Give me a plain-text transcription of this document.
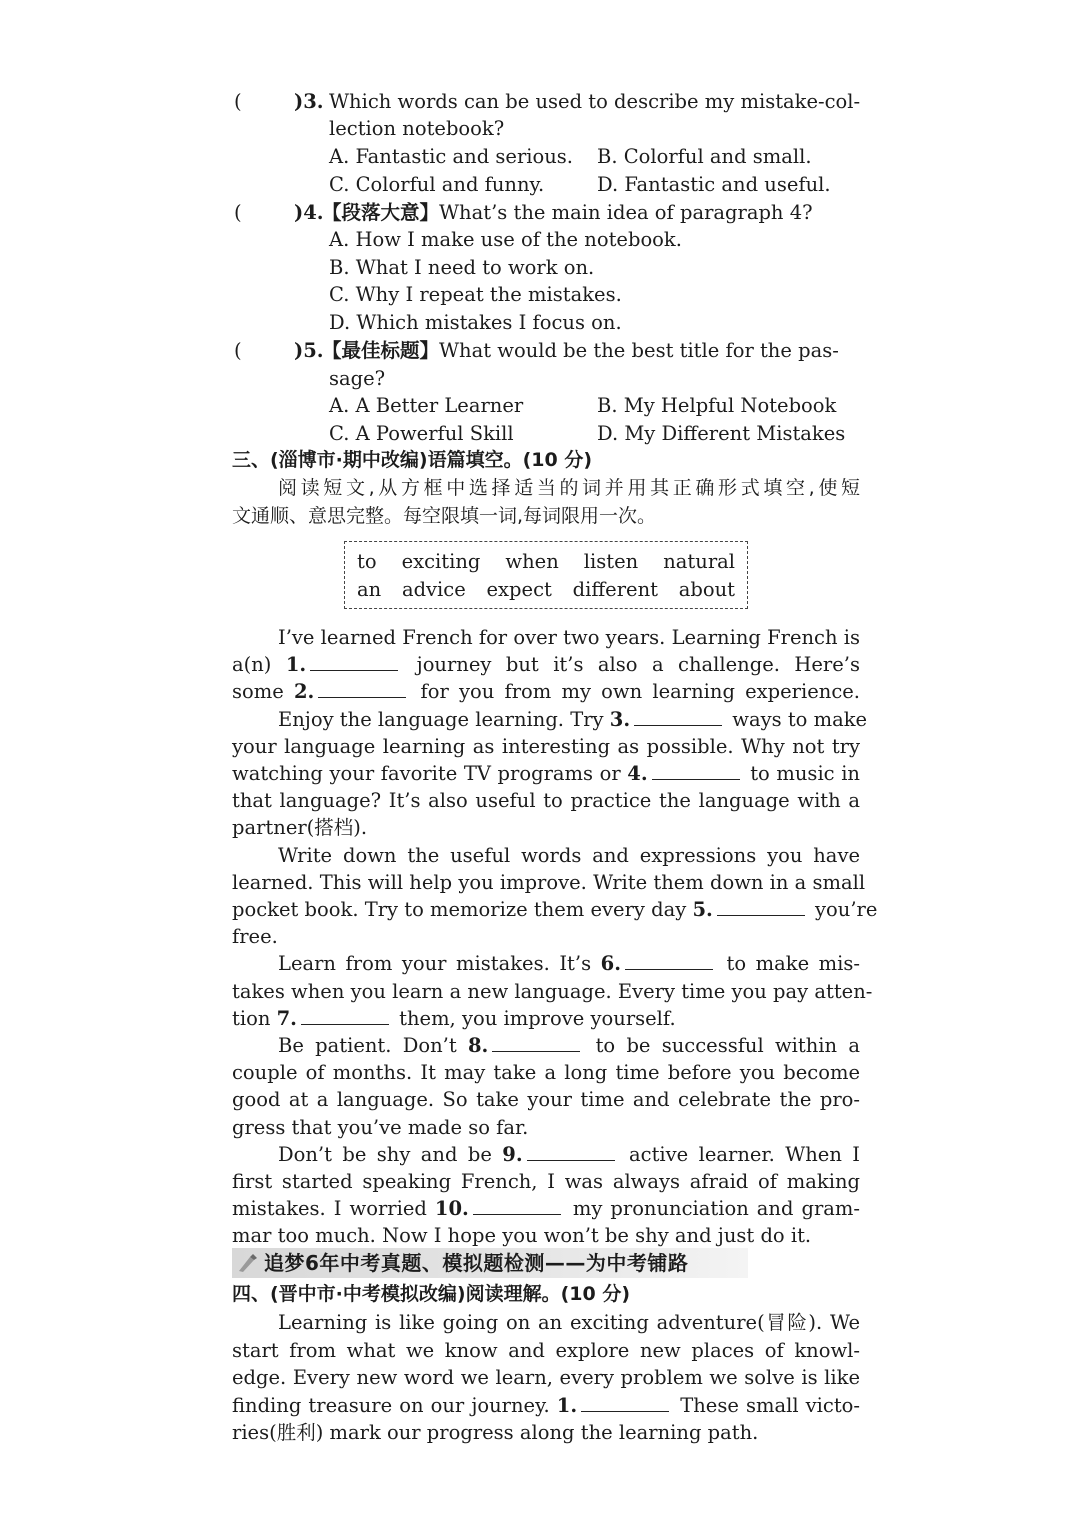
(	)3. Which words can be used to describe my mistake-col-
lection notebook?
A. Fantastic and serious. B. Colorful and small.
C. Colorful and funny.	D. Fantastic and useful.
(	)4.
【段落大意】What’s the main idea of paragraph 4?
A. How I make use of the notebook.
B. What I need to work on.
C. Why I repeat the mistakes.
D. Which mistakes I focus on.
(	)5.
【最佳标题】What would be the best title for the pas-
sage?
A. A Better Learner	B. My Helpful Notebook
C. A Powerful Skill	D. My Different Mistakes
三、(淄博市·期中改编)语篇填空。(10 分)
阅读短文,从方框中选择适当的词并用其正确形式填空,使短
文通顺、意思完整。每空限填一词,每词限用一次。
to exciting when listen natural
an advice expect different about
I’ve learned French for over two years. Learning French is
a(n) 1.	journey but it’s also a challenge. Here’s
some 2.	for you from my own learning experience.
Enjoy the language learning. Try 3.	ways to make
your language learning as interesting as possible. Why not try
watching your favorite TV programs or 4.	to music in
that language? It’s also useful to practice the language with a
partner(搭档).
Write down the useful words and expressions you have
learned. This will help you improve. Write them down in a small
pocket book. Try to memorize them every day 5.	you’re
free.
Learn from your mistakes. It’s 6.	to make mis-
takes when you learn a new language. Every time you pay atten-
tion 7.	them, you improve yourself.
Be patient. Don’t 8.	to be successful within a
couple of months. It may take a long time before you become
good at a language. So take your time and celebrate the pro-
gress that you’ve made so far.
Don’t be shy and be 9.	active learner. When I
first started speaking French, I was always afraid of making
mistakes. I worried 10.	my pronunciation and gram-
mar too much. Now I hope you won’t be shy and just do it.
追梦6年中考真题、模拟题检测——为中考铺路
四、(晋中市·中考模拟改编)阅读理解。(10 分)
Learning is like going on an exciting adventure(冒险). We
start from what we know and explore new places of knowl-
edge. Every new word we learn, every problem we solve is like
finding treasure on our journey. 1.	These small victo-
ries(胜利) mark our progress along the learning path.
